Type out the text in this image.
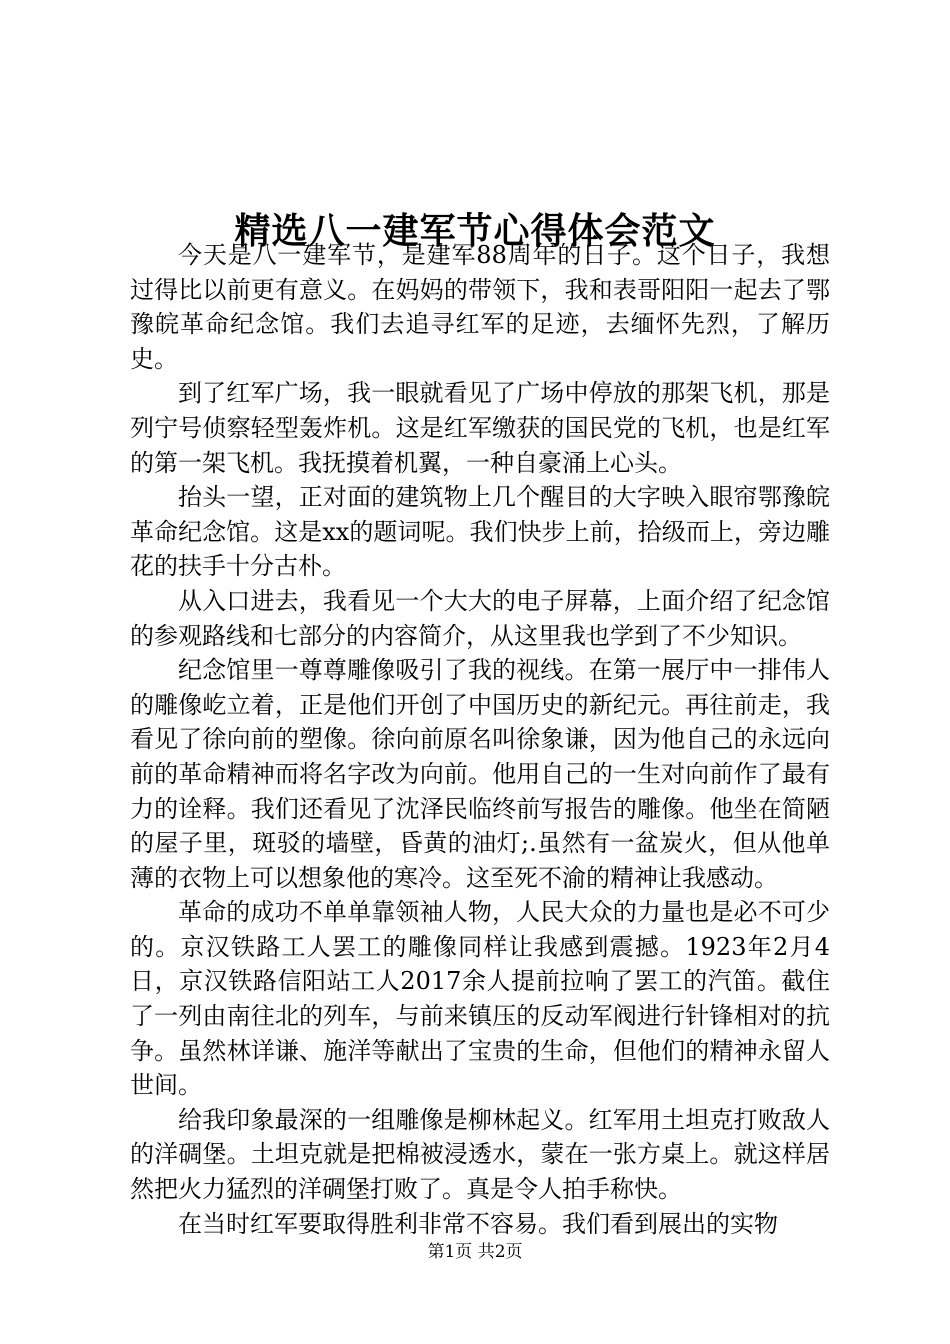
精选八一建军节心得体会范文

今天是八一建军节，是建军88周年的日子。这个日子，我想过得比以前更有意义。在妈妈的带领下，我和表哥阳阳一起去了鄂豫皖革命纪念馆。我们去追寻红军的足迹，去缅怀先烈，了解历史。

到了红军广场，我一眼就看见了广场中停放的那架飞机，那是列宁号侦察轻型轰炸机。这是红军缴获的国民党的飞机，也是红军的第一架飞机。我抚摸着机翼，一种自豪涌上心头。

抬头一望，正对面的建筑物上几个醒目的大字映入眼帘鄂豫皖革命纪念馆。这是xx的题词呢。我们快步上前，拾级而上，旁边雕花的扶手十分古朴。

从入口进去，我看见一个大大的电子屏幕，上面介绍了纪念馆的参观路线和七部分的内容简介，从这里我也学到了不少知识。

纪念馆里一尊尊雕像吸引了我的视线。在第一展厅中一排伟人的雕像屹立着，正是他们开创了中国历史的新纪元。再往前走，我看见了徐向前的塑像。徐向前原名叫徐象谦，因为他自己的永远向前的革命精神而将名字改为向前。他用自己的一生对向前作了最有力的诠释。我们还看见了沈泽民临终前写报告的雕像。他坐在简陋的屋子里，斑驳的墙壁，昏黄的油灯;.虽然有一盆炭火，但从他单薄的衣物上可以想象他的寒冷。这至死不渝的精神让我感动。

革命的成功不单单靠领袖人物，人民大众的力量也是必不可少的。京汉铁路工人罢工的雕像同样让我感到震撼。1923年2月4日，京汉铁路信阳站工人2017余人提前拉响了罢工的汽笛。截住了一列由南往北的列车，与前来镇压的反动军阀进行针锋相对的抗争。虽然林详谦、施洋等献出了宝贵的生命，但他们的精神永留人世间。

给我印象最深的一组雕像是柳林起义。红军用土坦克打败敌人的洋碉堡。土坦克就是把棉被浸透水，蒙在一张方桌上。就这样居然把火力猛烈的洋碉堡打败了。真是令人拍手称快。

在当时红军要取得胜利非常不容易。我们看到展出的实物

第1页 共2页
